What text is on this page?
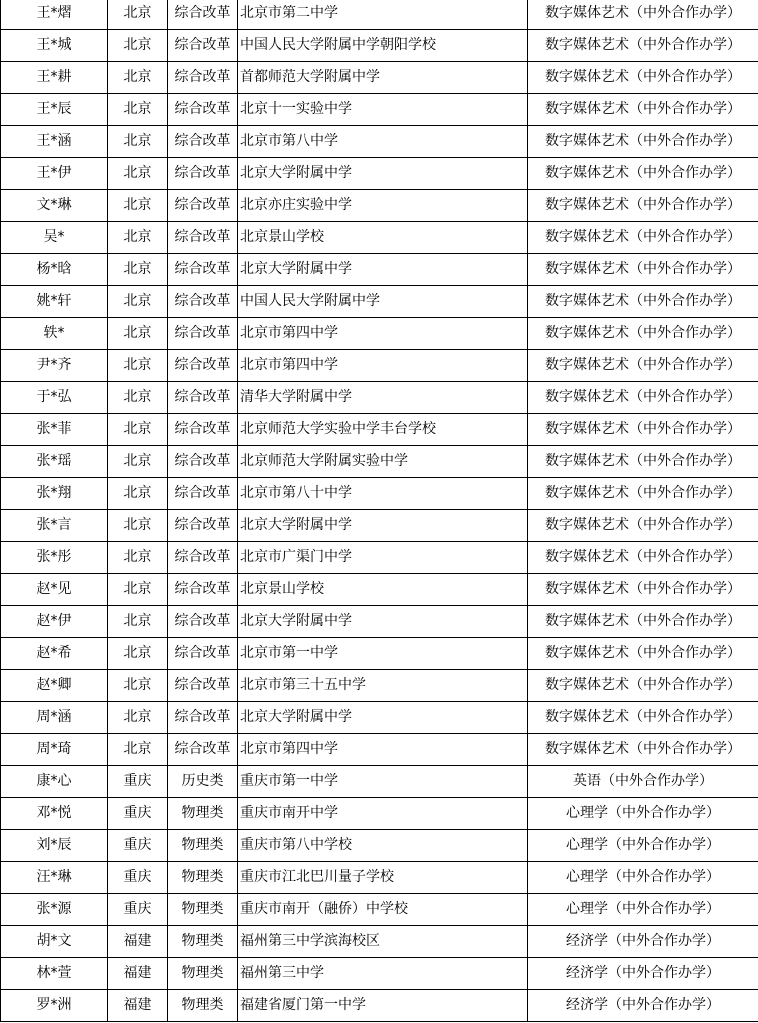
王*熠	北京	综合改革	北京市第二中学	数字媒体艺术（中外合作办学）
王*城	北京	综合改革	中国人民大学附属中学朝阳学校	数字媒体艺术（中外合作办学）
王*耕	北京	综合改革	首都师范大学附属中学	数字媒体艺术（中外合作办学）
王*辰	北京	综合改革	北京十一实验中学	数字媒体艺术（中外合作办学）
王*涵	北京	综合改革	北京市第八中学	数字媒体艺术（中外合作办学）
王*伊	北京	综合改革	北京大学附属中学	数字媒体艺术（中外合作办学）
文*琳	北京	综合改革	北京亦庄实验中学	数字媒体艺术（中外合作办学）
吴*	北京	综合改革	北京景山学校	数字媒体艺术（中外合作办学）
杨*晗	北京	综合改革	北京大学附属中学	数字媒体艺术（中外合作办学）
姚*轩	北京	综合改革	中国人民大学附属中学	数字媒体艺术（中外合作办学）
轶*	北京	综合改革	北京市第四中学	数字媒体艺术（中外合作办学）
尹*齐	北京	综合改革	北京市第四中学	数字媒体艺术（中外合作办学）
于*弘	北京	综合改革	清华大学附属中学	数字媒体艺术（中外合作办学）
张*菲	北京	综合改革	北京师范大学实验中学丰台学校	数字媒体艺术（中外合作办学）
张*瑶	北京	综合改革	北京师范大学附属实验中学	数字媒体艺术（中外合作办学）
张*翔	北京	综合改革	北京市第八十中学	数字媒体艺术（中外合作办学）
张*言	北京	综合改革	北京大学附属中学	数字媒体艺术（中外合作办学）
张*彤	北京	综合改革	北京市广渠门中学	数字媒体艺术（中外合作办学）
赵*见	北京	综合改革	北京景山学校	数字媒体艺术（中外合作办学）
赵*伊	北京	综合改革	北京大学附属中学	数字媒体艺术（中外合作办学）
赵*希	北京	综合改革	北京市第一中学	数字媒体艺术（中外合作办学）
赵*卿	北京	综合改革	北京市第三十五中学	数字媒体艺术（中外合作办学）
周*涵	北京	综合改革	北京大学附属中学	数字媒体艺术（中外合作办学）
周*琦	北京	综合改革	北京市第四中学	数字媒体艺术（中外合作办学）
康*心	重庆	历史类	重庆市第一中学	英语（中外合作办学）
邓*悦	重庆	物理类	重庆市南开中学	心理学（中外合作办学）
刘*辰	重庆	物理类	重庆市第八中学校	心理学（中外合作办学）
汪*琳	重庆	物理类	重庆市江北巴川量子学校	心理学（中外合作办学）
张*源	重庆	物理类	重庆市南开（融侨）中学校	心理学（中外合作办学）
胡*文	福建	物理类	福州第三中学滨海校区	经济学（中外合作办学）
林*萱	福建	物理类	福州第三中学	经济学（中外合作办学）
罗*洲	福建	物理类	福建省厦门第一中学	经济学（中外合作办学）
